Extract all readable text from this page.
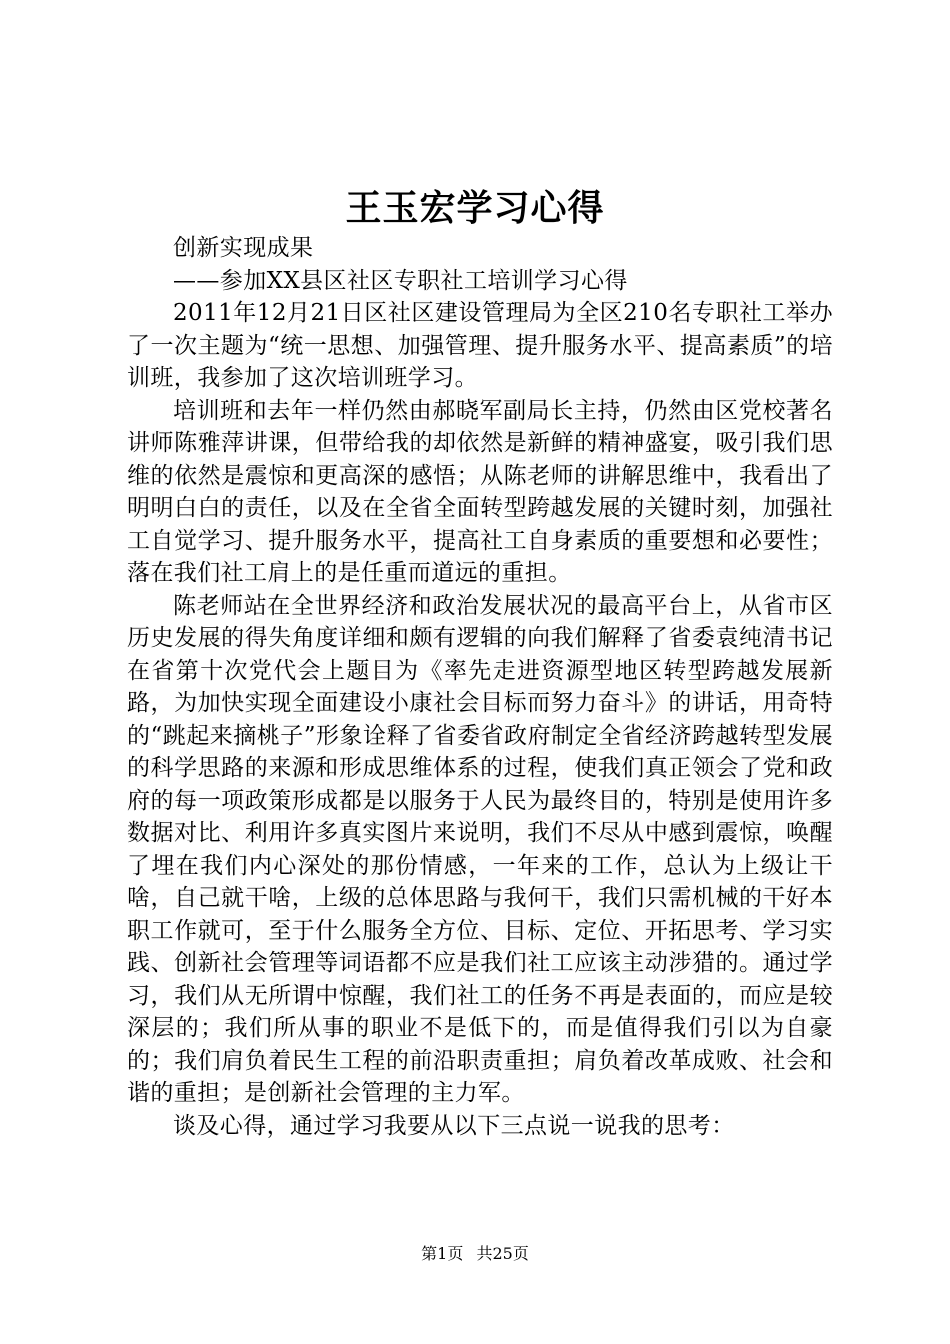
王玉宏学习心得

创新实现成果

——参加XX县区社区专职社工培训学习心得

2011年12月21日区社区建设管理局为全区210名专职社工举办了一次主题为“统一思想、加强管理、提升服务水平、提高素质”的培训班，我参加了这次培训班学习。

培训班和去年一样仍然由郝晓军副局长主持，仍然由区党校著名讲师陈雅萍讲课，但带给我的却依然是新鲜的精神盛宴，吸引我们思维的依然是震惊和更高深的感悟；从陈老师的讲解思维中，我看出了明明白白的责任，以及在全省全面转型跨越发展的关键时刻，加强社工自觉学习、提升服务水平，提高社工自身素质的重要想和必要性；落在我们社工肩上的是任重而道远的重担。

陈老师站在全世界经济和政治发展状况的最高平台上，从省市区历史发展的得失角度详细和颇有逻辑的向我们解释了省委袁纯清书记在省第十次党代会上题目为《率先走进资源型地区转型跨越发展新路，为加快实现全面建设小康社会目标而努力奋斗》的讲话，用奇特的“跳起来摘桃子”形象诠释了省委省政府制定全省经济跨越转型发展的科学思路的来源和形成思维体系的过程，使我们真正领会了党和政府的每一项政策形成都是以服务于人民为最终目的，特别是使用许多数据对比、利用许多真实图片来说明，我们不尽从中感到震惊，唤醒了埋在我们内心深处的那份情感，一年来的工作，总认为上级让干啥，自己就干啥，上级的总体思路与我何干，我们只需机械的干好本职工作就可，至于什么服务全方位、目标、定位、开拓思考、学习实践、创新社会管理等词语都不应是我们社工应该主动涉猎的。通过学习，我们从无所谓中惊醒，我们社工的任务不再是表面的，而应是较深层的；我们所从事的职业不是低下的，而是值得我们引以为自豪的；我们肩负着民生工程的前沿职责重担；肩负着改革成败、社会和谐的重担；是创新社会管理的主力军。

谈及心得，通过学习我要从以下三点说一说我的思考：

第1页 共25页
